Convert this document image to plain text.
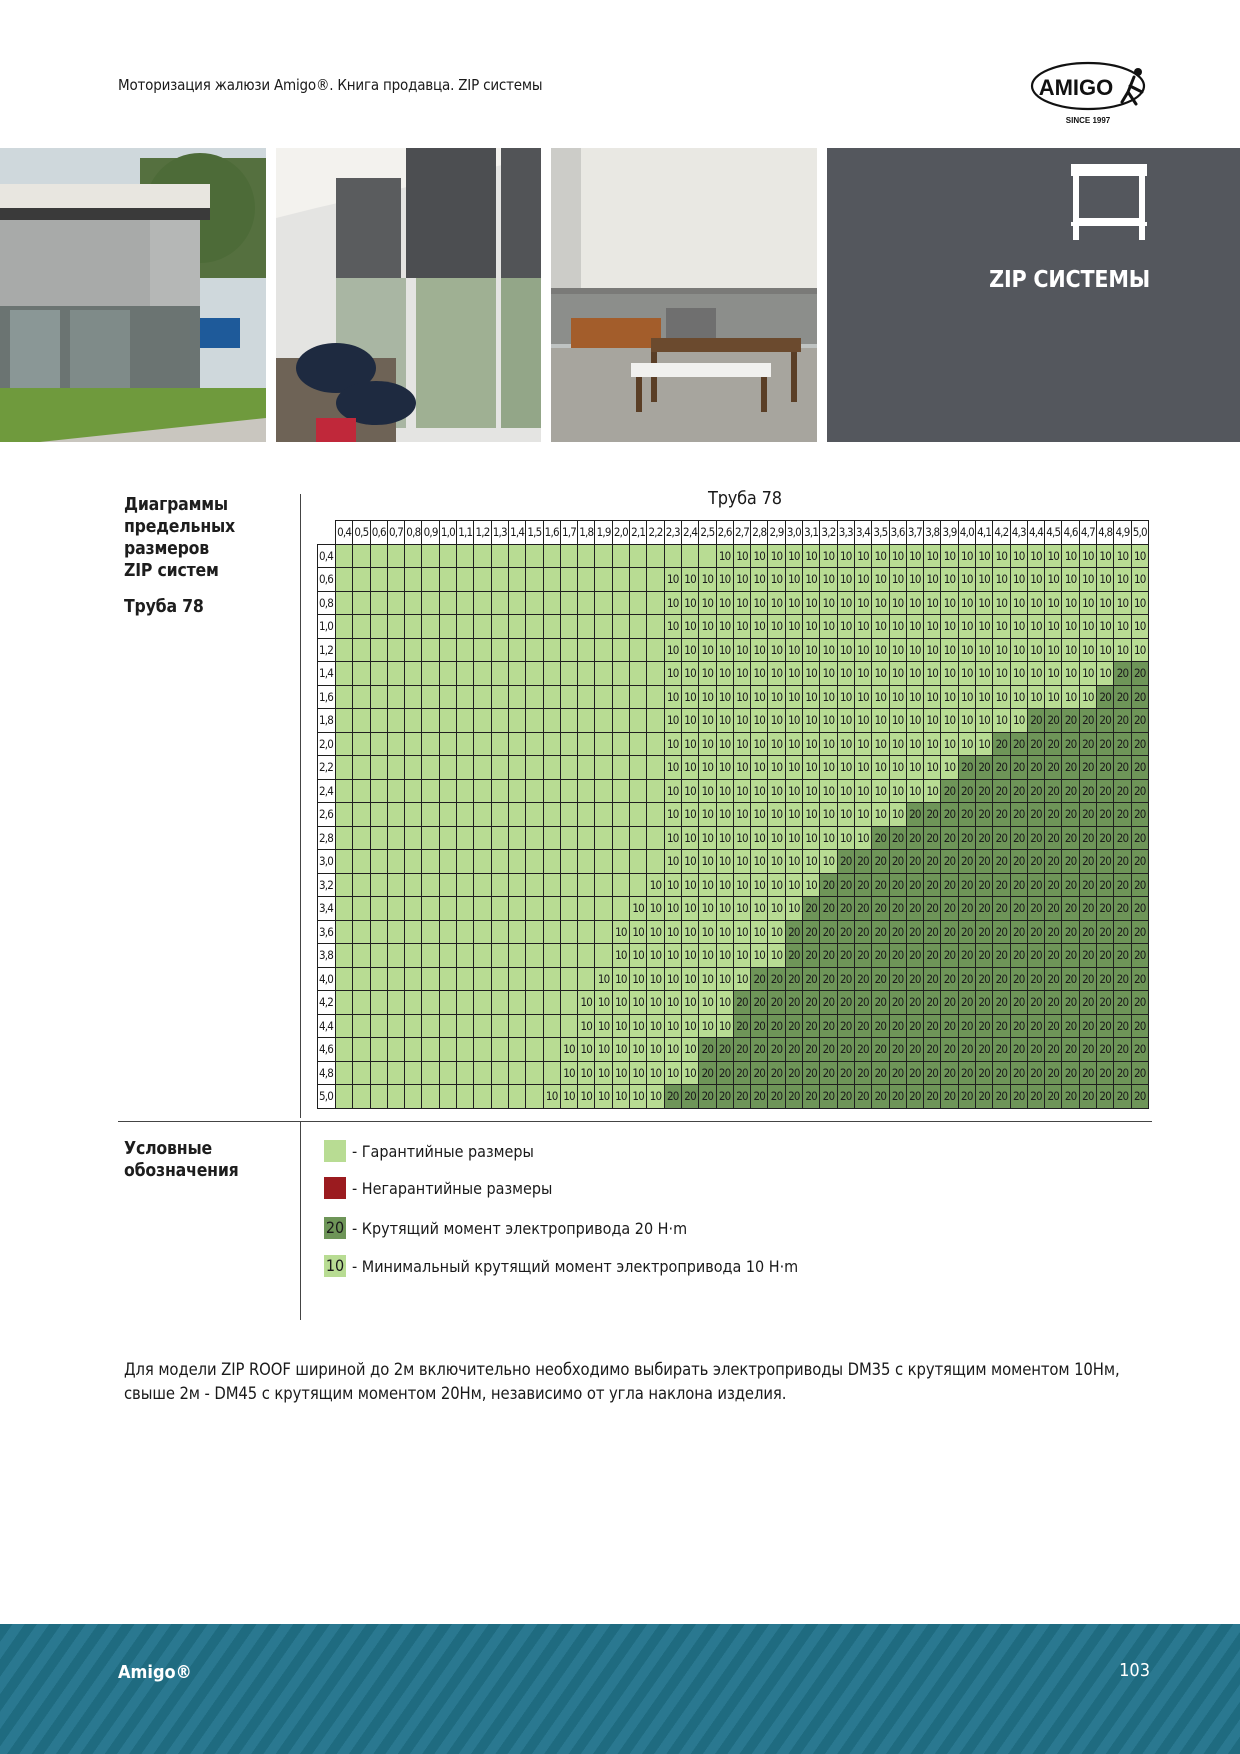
Моторизация жалюзи Amigo®. Книга продавца. ZIP системы	AMIGO
SINCE 1997
ZIP СИСТЕМЫ
Диаграммы
предельных
размеров
ZIP систем
Труба 78
Труба 78
	0,4	0,5	0,6	0,7	0,8	0,9	1,0	1,1	1,2	1,3	1,4	1,5	1,6	1,7	1,8	1,9	2,0	2,1	2,2	2,3	2,4	2,5	2,6	2,7	2,8	2,9	3,0	3,1	3,2	3,3	3,4	3,5	3,6	3,7	3,8	3,9	4,0	4,1	4,2	4,3	4,4	4,5	4,6	4,7	4,8	4,9	5,0
0,4																							10	10	10	10	10	10	10	10	10	10	10	10	10	10	10	10	10	10	10	10	10	10	10	10	10
0,6																				10	10	10	10	10	10	10	10	10	10	10	10	10	10	10	10	10	10	10	10	10	10	10	10	10	10	10	10
0,8																				10	10	10	10	10	10	10	10	10	10	10	10	10	10	10	10	10	10	10	10	10	10	10	10	10	10	10	10
1,0																				10	10	10	10	10	10	10	10	10	10	10	10	10	10	10	10	10	10	10	10	10	10	10	10	10	10	10	10
1,2																				10	10	10	10	10	10	10	10	10	10	10	10	10	10	10	10	10	10	10	10	10	10	10	10	10	10	10	10
1,4																				10	10	10	10	10	10	10	10	10	10	10	10	10	10	10	10	10	10	10	10	10	10	10	10	10	10	20	20
1,6																				10	10	10	10	10	10	10	10	10	10	10	10	10	10	10	10	10	10	10	10	10	10	10	10	10	20	20	20
1,8																				10	10	10	10	10	10	10	10	10	10	10	10	10	10	10	10	10	10	10	10	10	20	20	20	20	20	20	20
2,0																				10	10	10	10	10	10	10	10	10	10	10	10	10	10	10	10	10	10	10	20	20	20	20	20	20	20	20	20
2,2																				10	10	10	10	10	10	10	10	10	10	10	10	10	10	10	10	10	20	20	20	20	20	20	20	20	20	20	20
2,4																				10	10	10	10	10	10	10	10	10	10	10	10	10	10	10	10	20	20	20	20	20	20	20	20	20	20	20	20
2,6																				10	10	10	10	10	10	10	10	10	10	10	10	10	10	20	20	20	20	20	20	20	20	20	20	20	20	20	20
2,8																				10	10	10	10	10	10	10	10	10	10	10	10	20	20	20	20	20	20	20	20	20	20	20	20	20	20	20	20
3,0																				10	10	10	10	10	10	10	10	10	10	20	20	20	20	20	20	20	20	20	20	20	20	20	20	20	20	20	20
3,2																			10	10	10	10	10	10	10	10	10	10	20	20	20	20	20	20	20	20	20	20	20	20	20	20	20	20	20	20	20
3,4																		10	10	10	10	10	10	10	10	10	10	20	20	20	20	20	20	20	20	20	20	20	20	20	20	20	20	20	20	20	20
3,6																	10	10	10	10	10	10	10	10	10	10	20	20	20	20	20	20	20	20	20	20	20	20	20	20	20	20	20	20	20	20	20
3,8																	10	10	10	10	10	10	10	10	10	10	20	20	20	20	20	20	20	20	20	20	20	20	20	20	20	20	20	20	20	20	20
4,0																10	10	10	10	10	10	10	10	10	20	20	20	20	20	20	20	20	20	20	20	20	20	20	20	20	20	20	20	20	20	20	20
4,2															10	10	10	10	10	10	10	10	10	20	20	20	20	20	20	20	20	20	20	20	20	20	20	20	20	20	20	20	20	20	20	20	20
4,4															10	10	10	10	10	10	10	10	10	20	20	20	20	20	20	20	20	20	20	20	20	20	20	20	20	20	20	20	20	20	20	20	20
4,6														10	10	10	10	10	10	10	10	20	20	20	20	20	20	20	20	20	20	20	20	20	20	20	20	20	20	20	20	20	20	20	20	20	20
4,8														10	10	10	10	10	10	10	10	20	20	20	20	20	20	20	20	20	20	20	20	20	20	20	20	20	20	20	20	20	20	20	20	20	20
5,0													10	10	10	10	10	10	10	20	20	20	20	20	20	20	20	20	20	20	20	20	20	20	20	20	20	20	20	20	20	20	20	20	20	20	20
Условные
обозначения
- Гарантийные размеры
- Негарантийные размеры
20 - Крутящий момент электропривода 20 Н·m
10 - Минимальный крутящий момент электропривода 10 Н·m
Для модели ZIP ROOF шириной до 2м включительно необходимо выбирать электроприводы DM35 с крутящим моментом 10Нм, свыше 2м - DM45 с крутящим моментом 20Нм, независимо от угла наклона изделия.
Amigo®	103
